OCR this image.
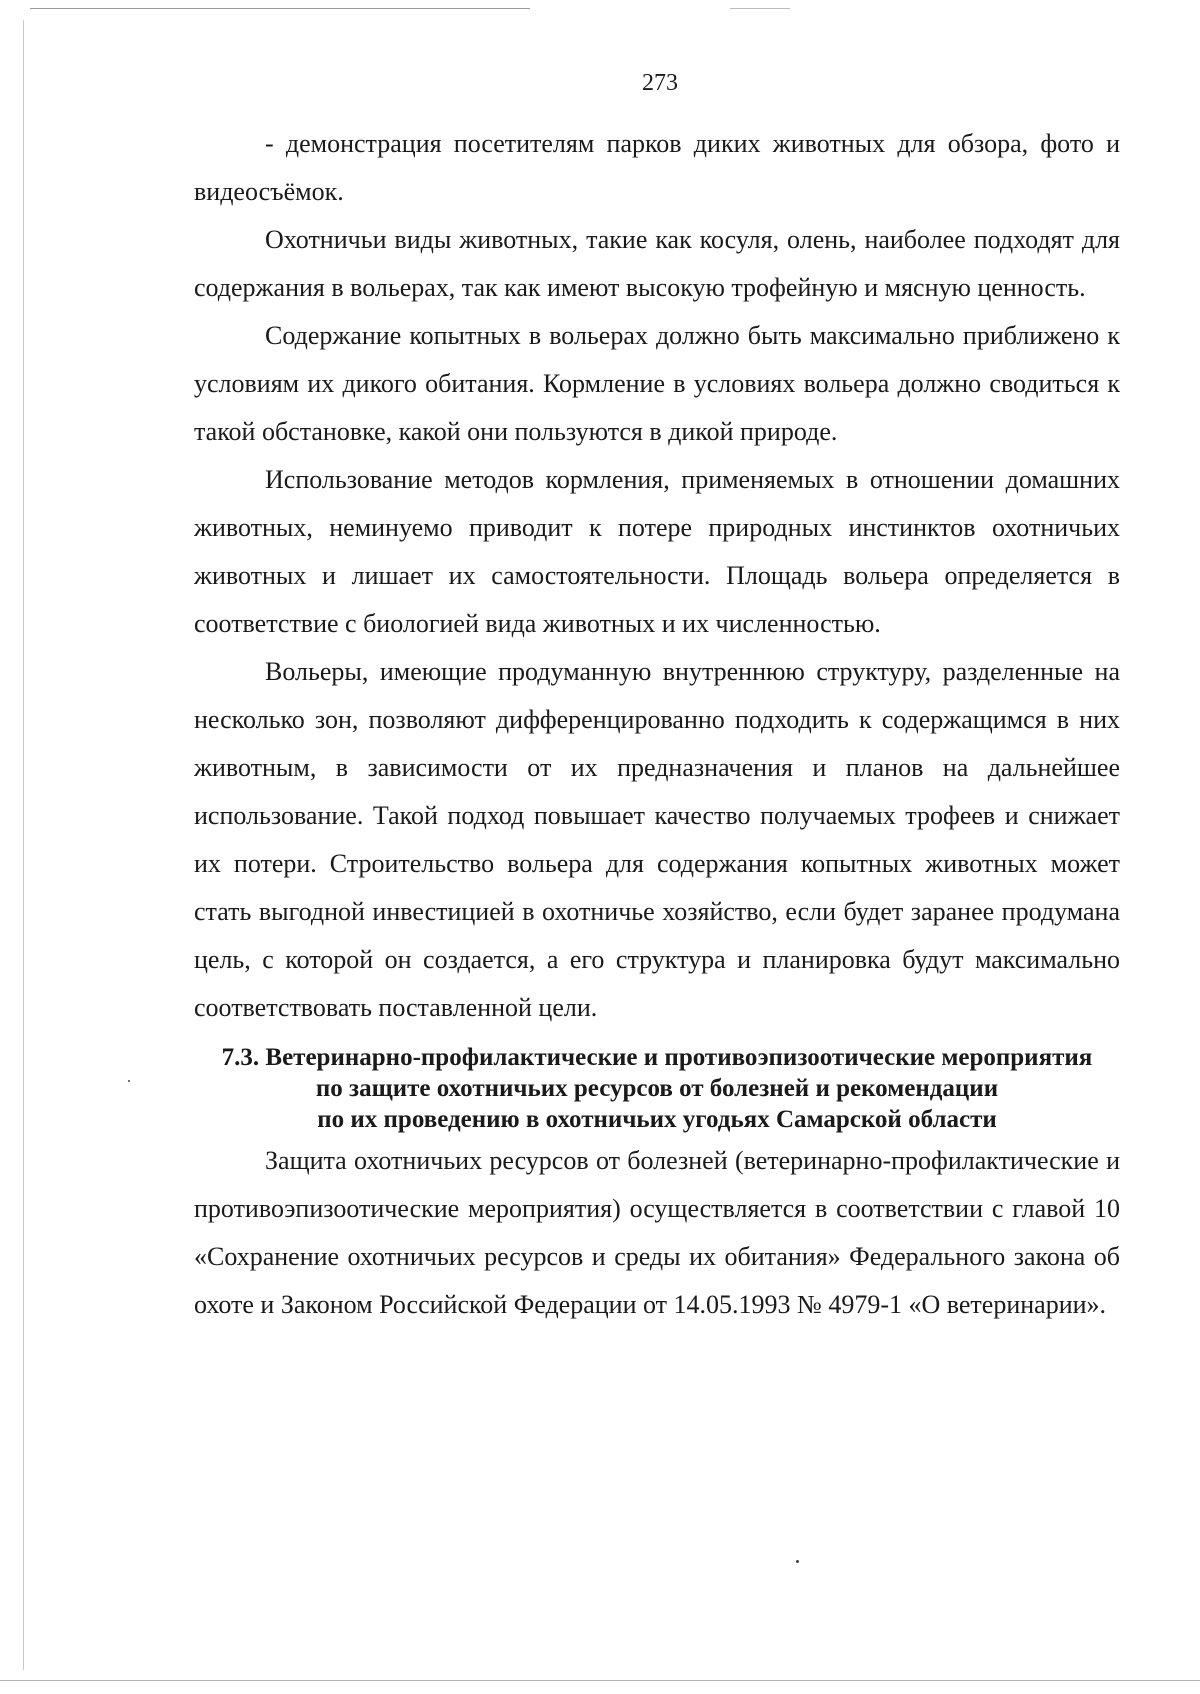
273

- демонстрация посетителям парков диких животных для обзора, фото и видеосъёмок.

Охотничьи виды животных, такие как косуля, олень, наиболее подходят для содержания в вольерах, так как имеют высокую трофейную и мясную ценность.

Содержание копытных в вольерах должно быть максимально приближено к условиям их дикого обитания. Кормление в условиях вольера должно сводиться к такой обстановке, какой они пользуются в дикой природе.

Использование методов кормления, применяемых в отношении домашних животных, неминуемо приводит к потере природных инстинктов охотничьих животных и лишает их самостоятельности. Площадь вольера определяется в соответствие с биологией вида животных и их численностью.

Вольеры, имеющие продуманную внутреннюю структуру, разделенные на несколько зон, позволяют дифференцированно подходить к содержащимся в них животным, в зависимости от их предназначения и планов на дальнейшее использование. Такой подход повышает качество получаемых трофеев и снижает их потери. Строительство вольера для содержания копытных животных может стать выгодной инвестицией в охотничье хозяйство, если будет заранее продумана цель, с которой он создается, а его структура и планировка будут максимально соответствовать поставленной цели.

7.3. Ветеринарно-профилактические и противоэпизоотические мероприятия
по защите охотничьих ресурсов от болезней и рекомендации
по их проведению в охотничьих угодьях Самарской области

Защита охотничьих ресурсов от болезней (ветеринарно-профилактические и противоэпизоотические мероприятия) осуществляется в соответствии с главой 10 «Сохранение охотничьих ресурсов и среды их обитания» Федерального закона об охоте и Законом Российской Федерации от 14.05.1993 № 4979-1 «О ветеринарии».
